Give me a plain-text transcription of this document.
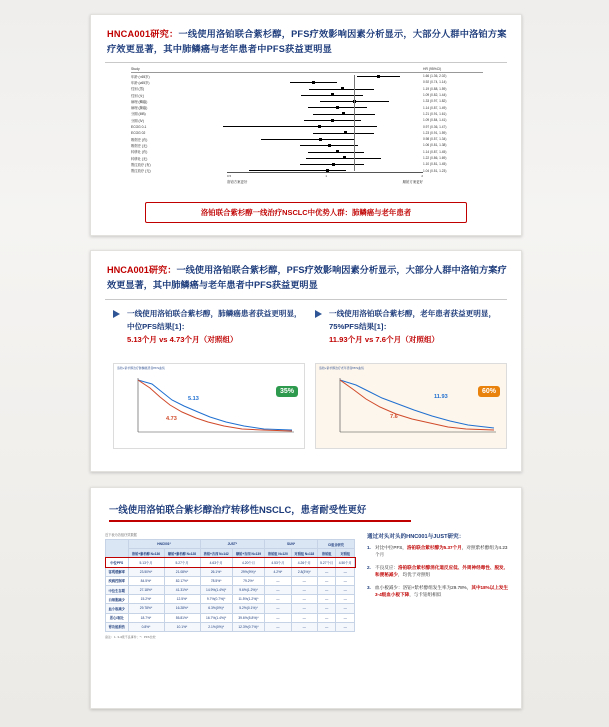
HNCA001研究：一线使用洛铂联合紫杉醇，PFS疗效影响因素分析显示，大部分人群中洛铂方案疗效更显著，其中肺鳞癌与老年患者中PFS获益更明显
Study	HR (95%CI)
年龄 (<65岁)	1.66 (1.36, 2.02)
年龄 (≥65岁)	0.92 (0.74, 1.14)
性别 (男)	1.19 (0.88, 1.59)
性别 (女)	1.09 (0.82, 1.44)
病理 (鳞癌)	1.33 (0.97, 1.82)
病理 (腺癌)	1.14 (0.87, 1.49)
分期 (IIIB)	1.21 (0.91, 1.61)
分期 (IV)	1.09 (0.84, 1.41)
ECOG 0-1	0.97 (0.36, 1.47)
ECOG 02	1.23 (0.91, 1.59)
吸烟史 (有)	0.98 (0.57, 1.34)
吸烟史 (无)	1.06 (0.81, 1.38)
转移灶 (有)	1.14 (0.87, 1.45)
转移灶 (无)	1.22 (0.86, 1.69)
既往放疗 (有)	1.10 (0.81, 1.45)
既往放疗 (无)	1.04 (0.51, 1.23)
0.5	1	2
洛铂方案更好	顺铂方案更好
洛铂联合紫杉醇一线治疗NSCLC中优势人群：肺鳞癌与老年患者
HNCA001研究：一线使用洛铂联合紫杉醇，PFS疗效影响因素分析显示，大部分人群中洛铂方案疗效更显著，其中肺鳞癌与老年患者中PFS获益更明显
一线使用洛铂联合紫杉醇，肺鳞癌患者获益更明显，中位PFS结果[1]：
5.13个月 vs 4.73个月（对照组）
一线使用洛铂联合紫杉醇，老年患者获益更明显，75%PFS结果[1]：
11.93个月 vs 7.6个月（对照组）
洛铂+紫杉醇治疗肺鳞癌患者PFS曲线
35%
5.13
4.73
洛铂+紫杉醇治疗老年患者PFS曲线
60%
11.93
7.6
一线使用洛铂联合紫杉醇治疗转移性NSCLC，患者耐受性更好
近下表为各组疗效数据
	HNC001*		JUST*		SUN*		CI组合研究	
	洛铂+紫杉醇 N=136	顺铂+紫杉醇 N=128	洛铂+吉西 N=142	顺铂+吉西 N=139	洛铂组 N=120	对照组 N=118	洛铂组	对照组
中位PFS	5.13个月	5.27个月	4.63个月	4.20个月	4.53个月	4.26个月	5.27个月	4.50个月
客观缓解率	23.50%*	21.08%*	26.1%*	29%(9%)*	4.2%*	2.8(3%)*	—	—
疾病控制率	84.5%*	82.17%*	78.5%*	79.2%*	—	—	—	—
中位生存期	27.18%*	41.31%*	14.9%(1.4%)*	9.6%(1.2%)*	—	—	—	—
白细胞减少	15.2%*	12.5%*	9.7%(0.7%)*	11.5%(1.2%)*	—	—	—	—
血小板减少	29.78%*	16.28%*	6.3%(0%)*	5.2%(0.1%)*	—	—	—	—
恶心/呕吐	18.7%*	55.81%*	16.7%(1.4%)*	39.6%(5.8%)*	—	—	—	—
肾功能损伤	0.8%*	10.1%*	2.1%(0%)*	12.3%(0.7%)*	—	—	—	—
备注：1. 3-4级不良事件；*：PFS比较
通过对头对头的HNC001与JUST研究：
1. 对比中位PFS，洛铂联合紫杉醇为5.37个月，对照紫杉醇组为4.23个月
2. 不良反应：洛铂联合紫杉醇消化道反应低、外周神经毒性、脱发、和便秘减少，均优于对照组
3. 血小板减少：洛铂+紫杉醇组发生率为29.78%，其中18%以上发生3-4级血小板下降，与卡铂组相似
